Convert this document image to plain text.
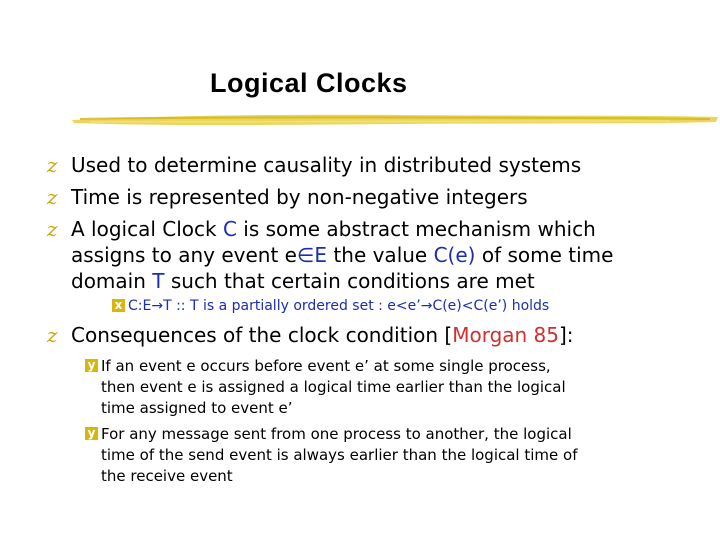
Logical Clocks
z Used to determine causality in distributed systems
z Time is represented by non-negative integers
z A logical Clock C is some abstract mechanism which
assigns to any event e∈E the value C(e) of some time
domain T such that certain conditions are met
x C:E→T :: T is a partially ordered set : e<e’→C(e)<C(e’) holds
z Consequences of the clock condition [Morgan 85]:
y If an event e occurs before event e’ at some single process,
then event e is assigned a logical time earlier than the logical
time assigned to event e’
y For any message sent from one process to another, the logical
time of the send event is always earlier than the logical time of
the receive event
